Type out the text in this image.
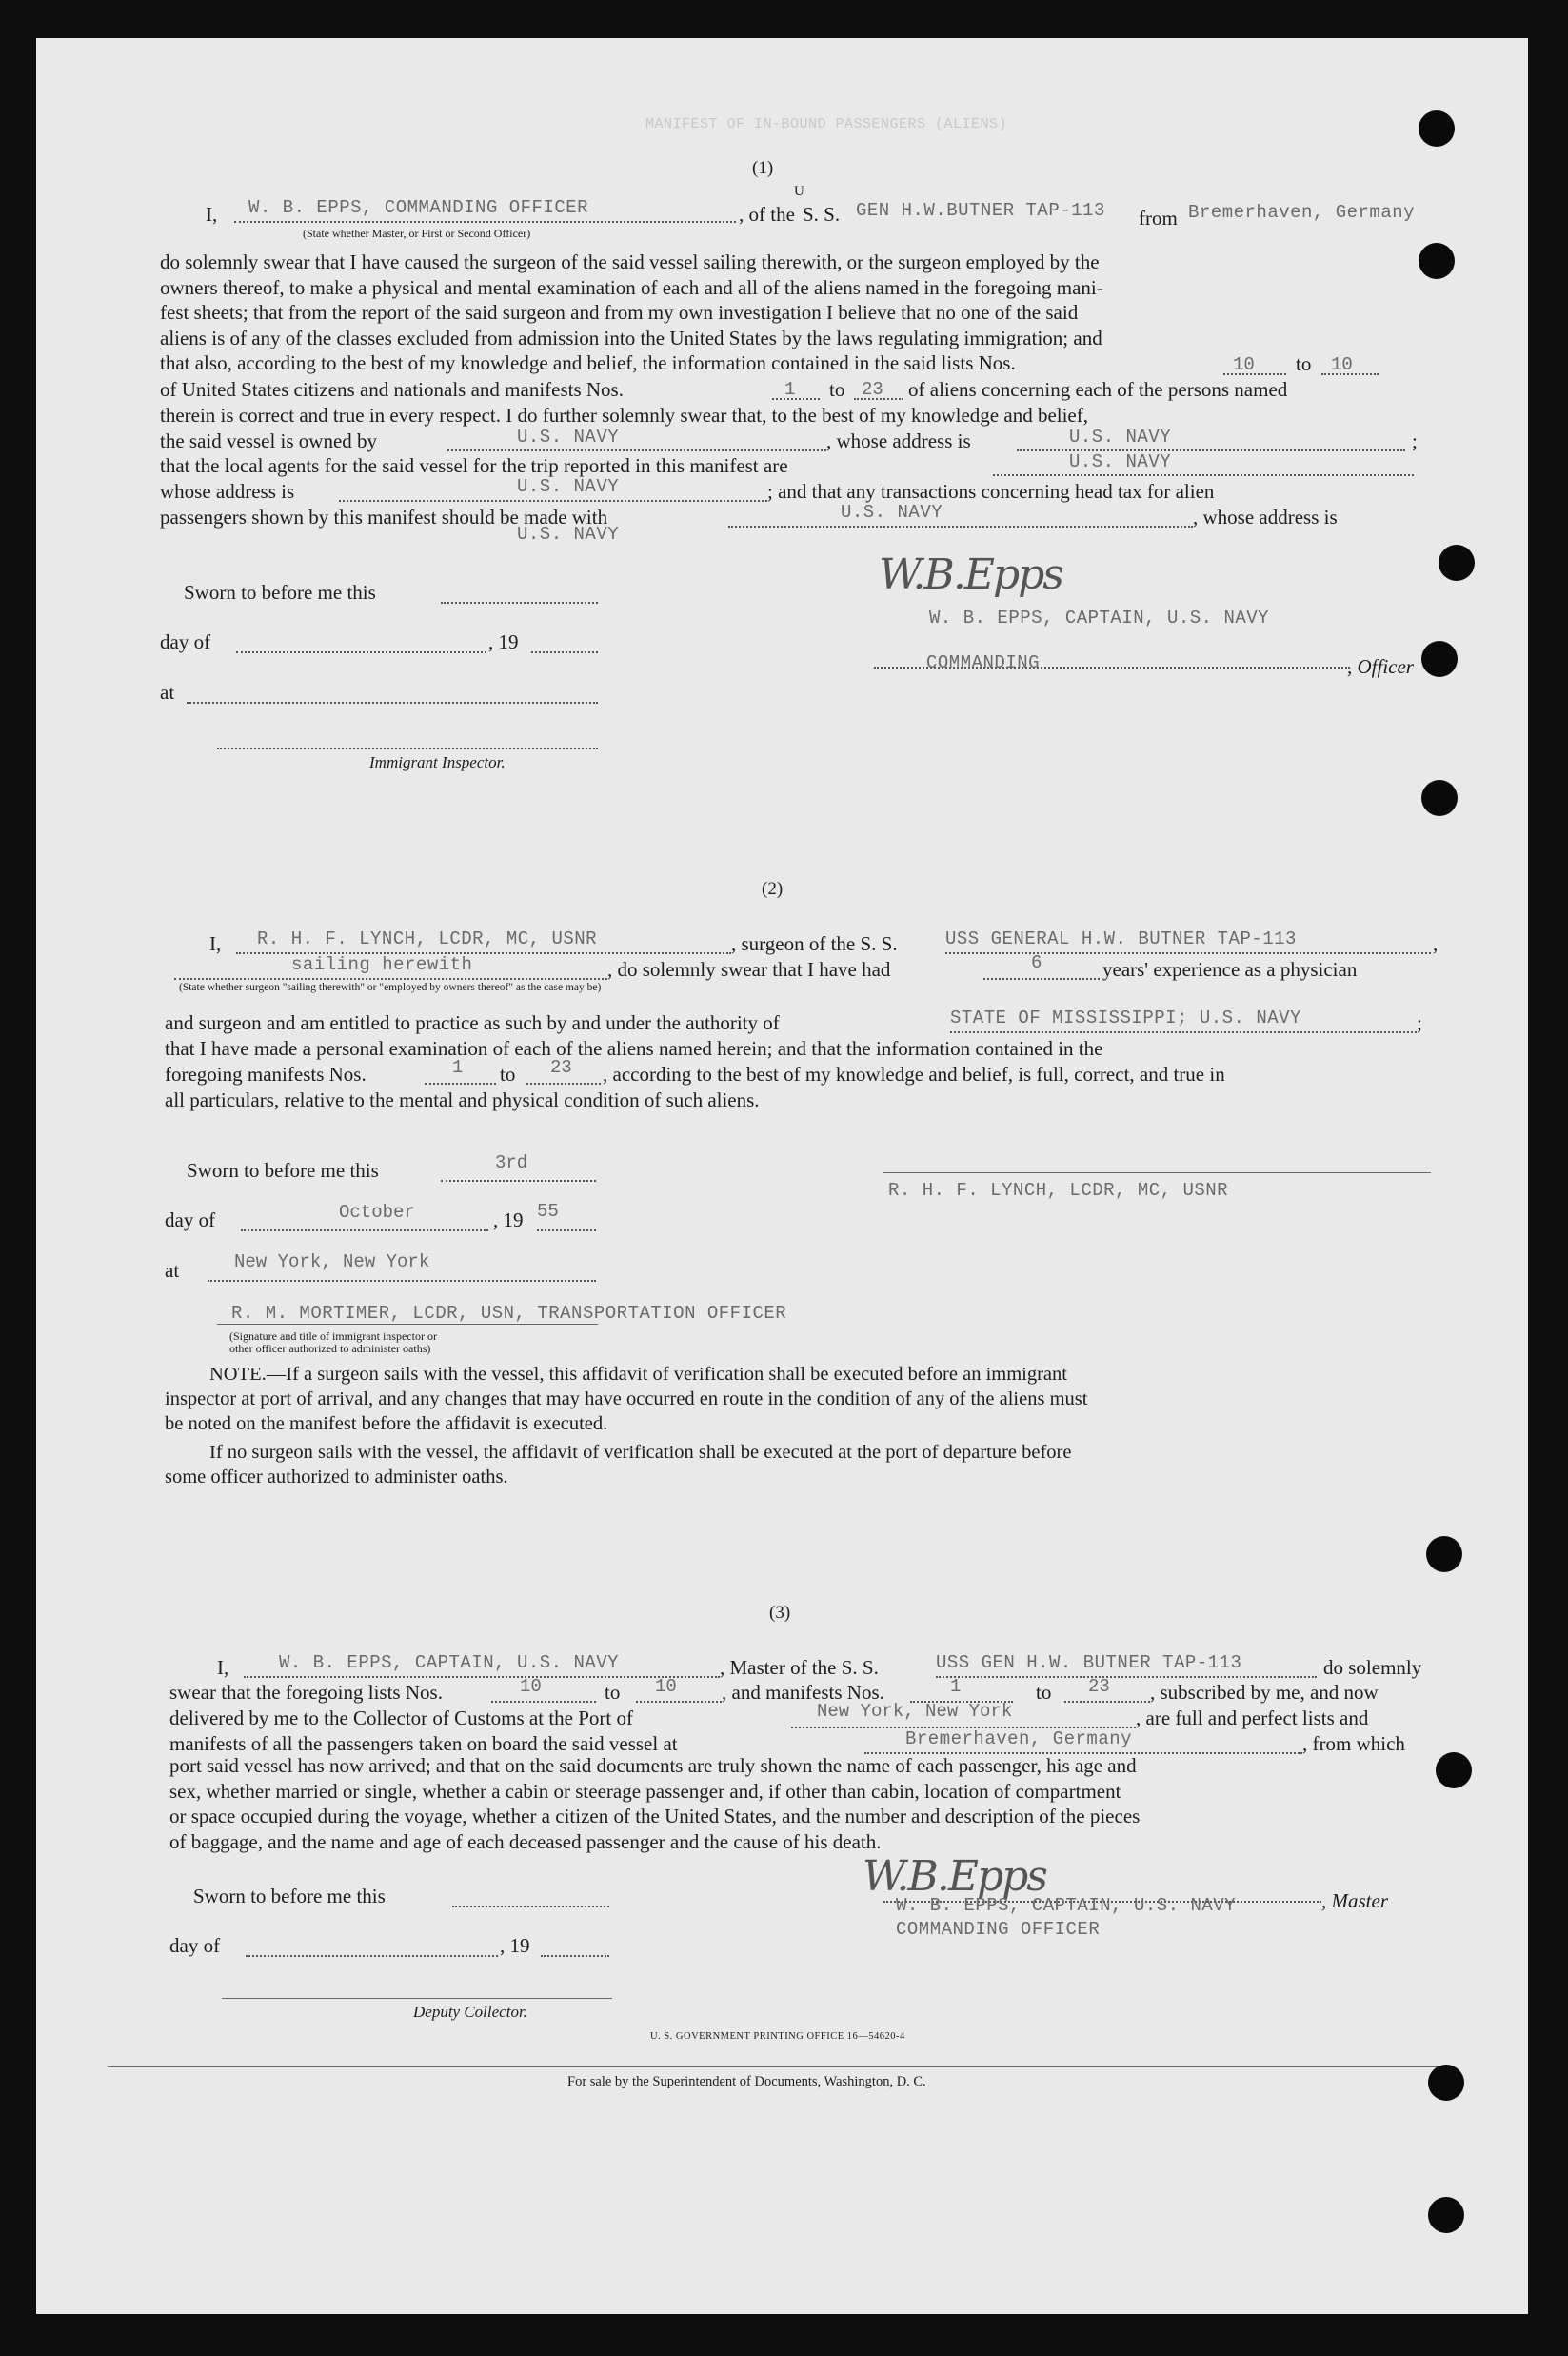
MANIFEST OF IN-BOUND PASSENGERS (ALIENS)
(1)
I, W. B. EPPS, COMMANDING OFFICER
(State whether Master, or First or Second Officer)
, of the
U
S. S. GEN H.W.BUTNER TAP-113 from Bremerhaven, Germany
do solemnly swear that I have caused the surgeon of the said vessel sailing therewith, or the surgeon employed by the
owners thereof, to make a physical and mental examination of each and all of the aliens named in the foregoing mani-
fest sheets; that from the report of the said surgeon and from my own investigation I believe that no one of the said
aliens is of any of the classes excluded from admission into the United States by the laws regulating immigration; and
that also, according to the best of my knowledge and belief, the information contained in the said lists Nos.	10 to 10
of United States citizens and nationals and manifests Nos.	1 to 23 of aliens concerning each of the persons named
therein is correct and true in every respect. I do further solemnly swear that, to the best of my knowledge and belief,
the said vessel is owned by	U.S. NAVY	, whose address is	U.S. NAVY	;
that the local agents for the said vessel for the trip reported in this manifest are	U.S. NAVY
whose address is	U.S. NAVY	; and that any transactions concerning head tax for alien
passengers shown by this manifest should be made with	U.S. NAVY	, whose address is
U.S. NAVY
Sworn to before me this
day of	, 19
at
Immigrant Inspector.
W.B.Epps
W. B. EPPS, CAPTAIN, U.S. NAVY
COMMANDING	, Officer
(2)
I, R. H. F. LYNCH, LCDR, MC, USNR	, surgeon of the S. S.	USS GENERAL H.W. BUTNER TAP-113	,
sailing herewith	, do solemnly swear that I have had	6	years' experience as a physician
(State whether surgeon "sailing therewith" or "employed by owners thereof" as the case may be)
and surgeon and am entitled to practice as such by and under the authority of	STATE OF MISSISSIPPI; U.S. NAVY	;
that I have made a personal examination of each of the aliens named herein; and that the information contained in the
foregoing manifests Nos.	1 to 23 , according to the best of my knowledge and belief, is full, correct, and true in
all particulars, relative to the mental and physical condition of such aliens.
Sworn to before me this	3rd
day of	October	, 19 55
at	New York, New York
R. H. F. LYNCH, LCDR, MC, USNR
R. M. MORTIMER, LCDR, USN, TRANSPORTATION OFFICER
(Signature and title of immigrant inspector or
other officer authorized to administer oaths)
NOTE.—If a surgeon sails with the vessel, this affidavit of verification shall be executed before an immigrant
inspector at port of arrival, and any changes that may have occurred en route in the condition of any of the aliens must
be noted on the manifest before the affidavit is executed.
If no surgeon sails with the vessel, the affidavit of verification shall be executed at the port of departure before
some officer authorized to administer oaths.
(3)
I,	W. B. EPPS, CAPTAIN, U.S. NAVY	, Master of the S. S.	USS GEN H.W. BUTNER TAP-113	do solemnly
swear that the foregoing lists Nos.	10	to 10 , and manifests Nos.	1	to 23 , subscribed by me, and now
delivered by me to the Collector of Customs at the Port of	New York, New York	, are full and perfect lists and
manifests of all the passengers taken on board the said vessel at	Bremerhaven, Germany	, from which
port said vessel has now arrived; and that on the said documents are truly shown the name of each passenger, his age and
sex, whether married or single, whether a cabin or steerage passenger and, if other than cabin, location of compartment
or space occupied during the voyage, whether a citizen of the United States, and the number and description of the pieces
of baggage, and the name and age of each deceased passenger and the cause of his death.
Sworn to before me this
day of	, 19
Deputy Collector.
W.B.Epps
W. B. EPPS, CAPTAIN, U.S. NAVY	, Master
COMMANDING OFFICER
U. S. GOVERNMENT PRINTING OFFICE 16—54620-4
For sale by the Superintendent of Documents, Washington, D. C.
